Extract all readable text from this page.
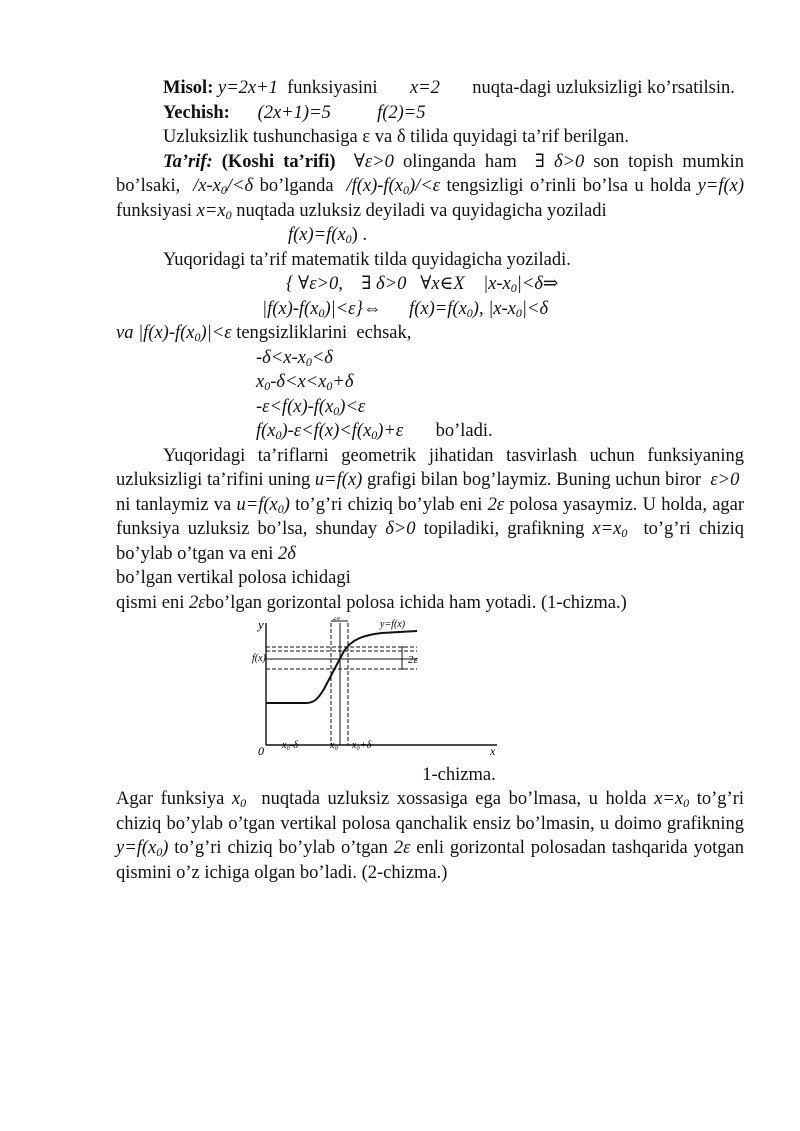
Misol: y=2x+1 funksiyasini x=2 nuqta-dagi uzluksizligi ko’rsatilsin.

Yechish: (2x+1)=5	f(2)=5

Uzluksizlik tushunchasiga ε va δ tilida quyidagi ta’rif berilgan.

Ta’rif: (Koshi ta’rifi) ∀ε>0 olinganda ham ∃ δ>0 son topish mumkin bo’lsaki, $/x-x_0/<\delta$ bo’lganda $/f(x)-f(x_0)/<\varepsilon$ tengsizligi o’rinli bo’lsa u holda y=f(x) funksiyasi $x=x_0$ nuqtada uzluksiz deyiladi va quyidagicha yoziladi

$f(x)=f(x_0)$ .

Yuqoridagi ta’rif matematik tilda quyidagicha yoziladi.

{ ∀ε>0,    ∃ δ>0   ∀x∈X    $|x-x_0|<\delta\Rightarrow$
$|f(x)-f(x_0)|<\varepsilon\}\Leftrightarrow$      $f(x)=f(x_0)$, $|x-x_0|<\delta$
va $|f(x)-f(x_0)|<\varepsilon$ tengsizliklarini  echsak,
$-\delta<x-x_0<\delta$
$x_0-\delta<x<x_0+\delta$
$-\varepsilon<f(x)-f(x_0)<\varepsilon$
$f(x_0)-\varepsilon<f(x)<f(x_0)+\varepsilon$ bo’ladi.

Yuqoridagi ta’riflarni geometrik jihatidan tasvirlash uchun funksiyaning uzluksizligi ta’rifini uning u=f(x) grafigi bilan bog’laymiz. Buning uchun biror ε>0  ni tanlaymiz va $u=f(x_0)$ to’g’ri chiziq bo’ylab eni 2ε polosa yasaymiz. U holda, agar funksiya uzluksiz bo’lsa, shunday δ>0 topiladiki, grafikning $x=x_0$ to’g’ri chiziq bo’ylab o’tgan va eni 2δ

bo’lgan vertikal polosa ichidagi

qismi eni 2εbo’lgan gorizontal polosa ichida ham yotadi. (1-chizma.)

y
x
0
2ε
f(x)
2δ
y=f(x)
x₀-δ	x₀ x₀+δ
1-chizma.

Agar funksiya $x_0$ nuqtada uzluksiz xossasiga ega bo’lmasa, u holda $x=x_0$ to’g’ri chiziq bo’ylab o’tgan vertikal polosa qanchalik ensiz bo’lmasin, u doimo grafikning $y=f(x_0)$ to’g’ri chiziq bo’ylab o’tgan 2ε enli gorizontal polosadan tashqarida yotgan qismini o’z ichiga olgan bo’ladi. (2-chizma.)
